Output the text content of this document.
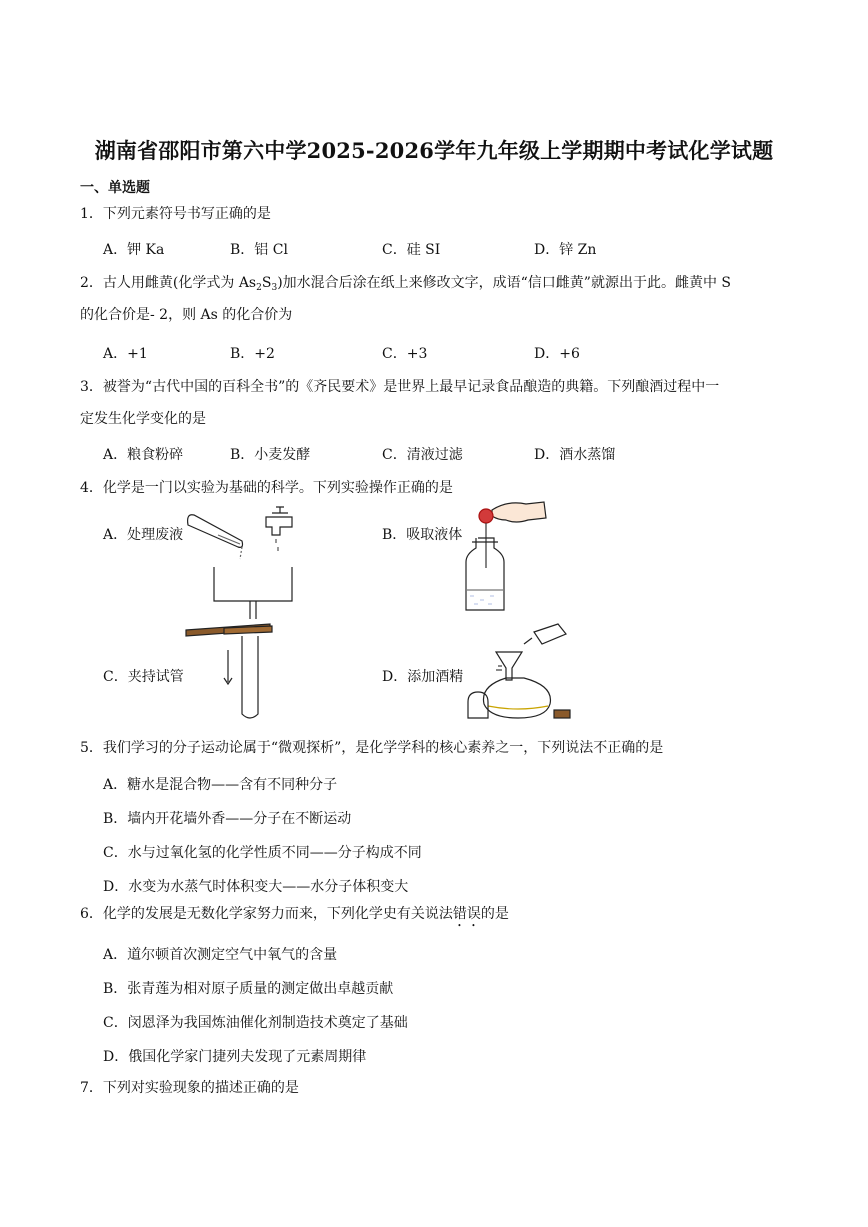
湖南省邵阳市第六中学2025-2026学年九年级上学期期中考试化学试题
一、单选题
1．下列元素符号书写正确的是
A．钾 Ka	B．铝 Cl	C．硅 SI	D．锌 Zn
2．古人用雌黄(化学式为 $As_2S_3$)加水混合后涂在纸上来修改文字，成语“信口雌黄”就源出于此。雌黄中 S
的化合价是- 2，则 As 的化合价为
A．+1	B．+2	C．+3	D．+6
3．被誉为“古代中国的百科全书”的《齐民要术》是世界上最早记录食品酿造的典籍。下列酿酒过程中一
定发生化学变化的是
A．粮食粉碎	B．小麦发酵	C．清液过滤	D．酒水蒸馏
4．化学是一门以实验为基础的科学。下列实验操作正确的是
A．处理废液	B．吸取液体
C．夹持试管	D．添加酒精
5．我们学习的分子运动论属于“微观探析”，是化学学科的核心素养之一，下列说法不正确的是
A．糖水是混合物——含有不同种分子
B．墙内开花墙外香——分子在不断运动
C．水与过氧化氢的化学性质不同——分子构成不同
D．水变为水蒸气时体积变大——水分子体积变大
6．化学的发展是无数化学家努力而来，下列化学史有关说法错误的是
A．道尔顿首次测定空气中氧气的含量
B．张青莲为相对原子质量的测定做出卓越贡献
C．闵恩泽为我国炼油催化剂制造技术奠定了基础
D．俄国化学家门捷列夫发现了元素周期律
7．下列对实验现象的描述正确的是
